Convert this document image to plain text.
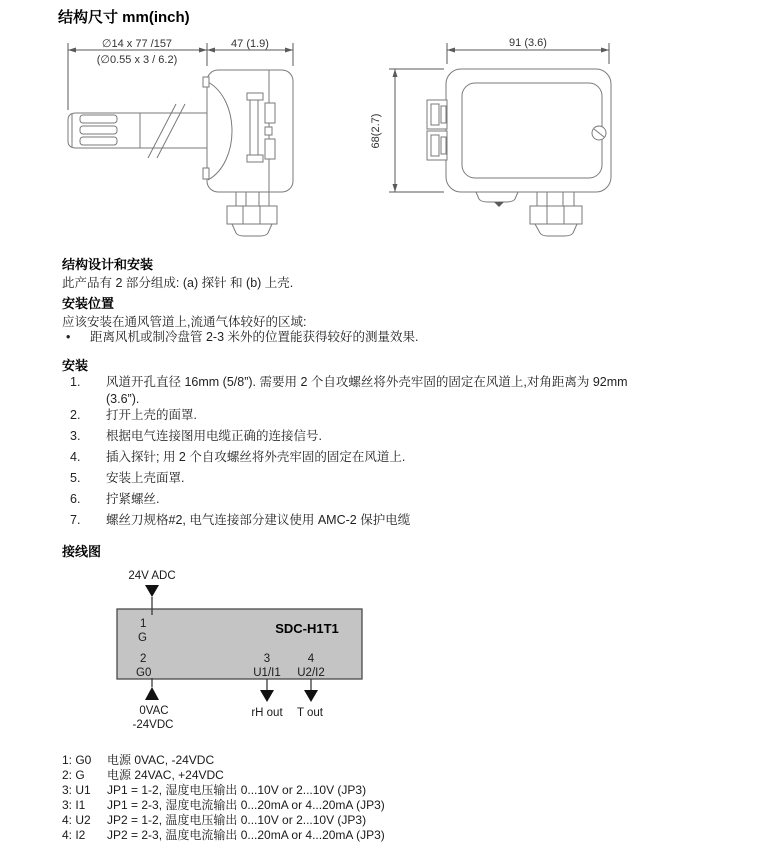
结构尺寸 mm(inch)
∅14 x 77 /157
(∅0.55 x 3 / 6.2)
47 (1.9)	91 (3.6)
68(2.7)
结构设计和安装
此产品有 2 部分组成: (a) 探针 和 (b) 上壳.
安装位置
应该安装在通风管道上,流通气体较好的区域:
• 距离风机或制冷盘管 2-3 米外的位置能获得较好的测量效果.
安装
1.	风道开孔直径 16mm (5/8”). 需要用 2 个自攻螺丝将外壳牢固的固定在风道上,对角距离为 92mm
(3.6”).
2.	打开上壳的面罩.
3.	根据电气连接图用电缆正确的连接信号.
4.	插入探针; 用 2 个自攻螺丝将外壳牢固的固定在风道上.
5.	安装上壳面罩.
6.	拧紧螺丝.
7.	螺丝刀规格#2, 电气连接部分建议使用 AMC-2 保护电缆
接线图
24V ADC
1
G
SDC-H1T1
2
G0
3
U1/I1
4
U2/I2
0VAC
-24VDC
rH out T out
1: G0	电源 0VAC, -24VDC
2: G	电源 24VAC, +24VDC
3: U1	JP1 = 1-2, 湿度电压输出 0...10V or 2...10V (JP3)
3: I1	JP1 = 2-3, 湿度电流输出 0...20mA or 4...20mA (JP3)
4: U2	JP2 = 1-2, 温度电压输出 0...10V or 2...10V (JP3)
4: I2	JP2 = 2-3, 温度电流输出 0...20mA or 4...20mA (JP3)
